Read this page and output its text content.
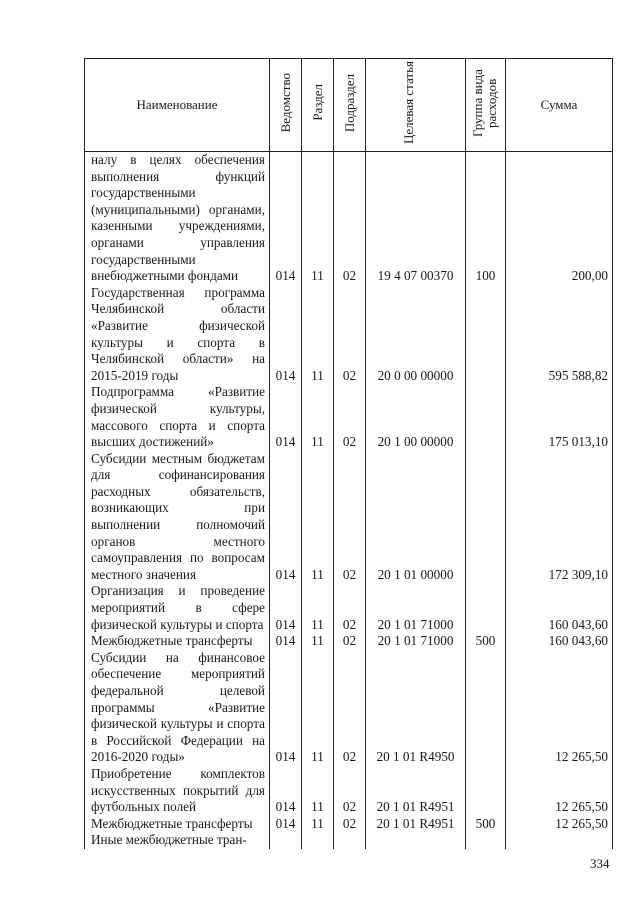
Наименование	Ведомство	Раздел	Подраздел	Целевая статья	Группа вида расходов	Сумма
налу в целях обеспечения выполнения функций государственными (муниципальными) органами, казенными учреждениями, органами управления государственными внебюджетными фондами	014	11	02	19 4 07 00370	100	200,00
Государственная программа Челябинской области «Развитие физической культуры и спорта в Челябинской области» на 2015-2019 годы	014	11	02	20 0 00 00000		595 588,82
Подпрограмма «Развитие физической культуры, массового спорта и спорта высших достижений»	014	11	02	20 1 00 00000		175 013,10
Субсидии местным бюджетам для софинансирования расходных обязательств, возникающих при выполнении полномочий органов местного самоуправления по вопросам местного значения	014	11	02	20 1 01 00000		172 309,10
Организация и проведение мероприятий в сфере физической культуры и спорта	014	11	02	20 1 01 71000		160 043,60
Межбюджетные трансферты	014	11	02	20 1 01 71000	500	160 043,60
Субсидии на финансовое обеспечение мероприятий федеральной целевой программы «Развитие физической культуры и спорта в Российской Федерации на 2016-2020 годы»	014	11	02	20 1 01 R4950		12 265,50
Приобретение комплектов искусственных покрытий для футбольных полей	014	11	02	20 1 01 R4951		12 265,50
Межбюджетные трансферты	014	11	02	20 1 01 R4951	500	12 265,50
Иные межбюджетные тран-						
334
